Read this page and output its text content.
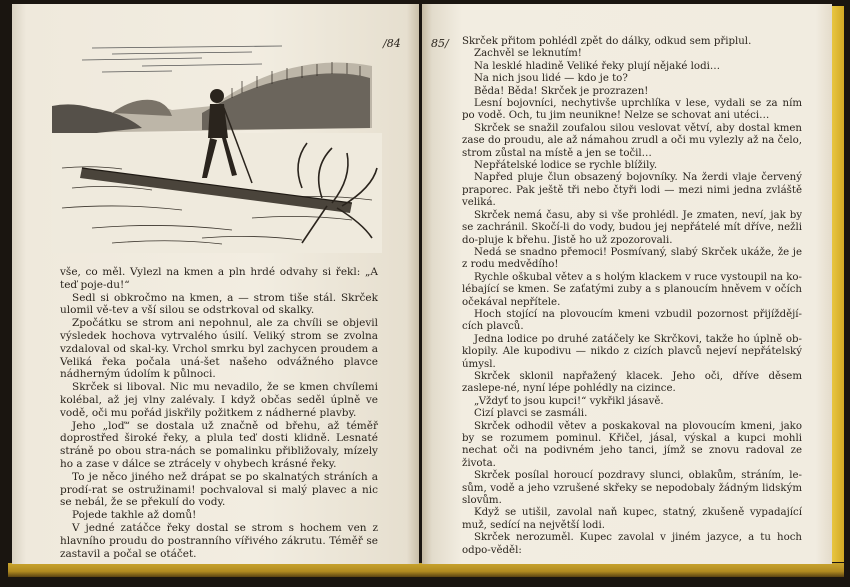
/84

vše, co měl. Vylezl na kmen a pln hrdé odvahy si řekl: „A teď poje-du!“

Sedl si obkročmo na kmen, a — strom tiše stál. Skrček ulomil vě-tev a vší silou se odstrkoval od skalky.

Zpočátku se strom ani nepohnul, ale za chvíli se objevil výsledek hochova vytrvalého úsilí. Veliký strom se zvolna vzdaloval od skal-ky. Vrchol smrku byl zachycen proudem a Veliká řeka počala uná-šet našeho odvážného plavce nádherným údolím k půlnoci.

Skrček si liboval. Nic mu nevadilo, že se kmen chvílemi kolébal, až jej vlny zalévaly. I když občas seděl úplně ve vodě, oči mu pořád jiskřily požitkem z nádherné plavby.

Jeho „loď“ se dostala už značně od břehu, až téměř doprostřed široké řeky, a plula teď dosti klidně. Lesnaté stráně po obou stra-nách se pomalinku přibližovaly, mízely ho a zase v dálce se ztrácely v ohybech krásné řeky.

To je něco jiného než drápat se po skalnatých stráních a prodí-rat se ostružinami! pochvaloval si malý plavec a nic se nebál, že se překulí do vody.

Pojede takhle až domů!

V jedné zatáčce řeky dostal se strom s hochem ven z hlavního proudu do postranního vířivého zákrutu. Téměř se zastavil a počal se otáčet.

85/ Skrček přitom pohlédl zpět do dálky, odkud sem připlul.

Zachvěl se leknutím!

Na lesklé hladině Veliké řeky plují nějaké lodi…

Na nich jsou lidé — kdo je to?

Běda! Běda! Skrček je prozrazen!

Lesní bojovníci, nechytivše uprchlíka v lese, vydali se za ním po vodě. Och, tu jim neunikne! Nelze se schovat ani utéci…

Skrček se snažil zoufalou silou veslovat větví, aby dostal kmen zase do proudu, ale až námahou zrudl a oči mu vylezly až na čelo, strom zůstal na místě a jen se točil…

Nepřátelské lodice se rychle blížily.

Napřed pluje člun obsazený bojovníky. Na žerdi vlaje červený praporec. Pak ještě tři nebo čtyři lodi — mezi nimi jedna zvláště veliká.

Skrček nemá času, aby si vše prohlédl. Je zmaten, neví, jak by se zachránil. Skočí-li do vody, budou jej nepřátelé mít dříve, nežli do-pluje k břehu. Jistě ho už zpozorovali.

Nedá se snadno přemoci! Posmívaný, slabý Skrček ukáže, že je z rodu medvědího!

Rychle oškubal větev a s holým klackem v ruce vystoupil na ko-lébající se kmen. Se zaťatými zuby a s planoucím hněvem v očích očekával nepřítele.

Hoch stojící na plovoucím kmeni vzbudil pozornost přijíždějí-cích plavců.

Jedna lodice po druhé zatáčely ke Skrčkovi, takže ho úplně ob-klopily. Ale kupodivu — nikdo z cizích plavců nejeví nepřátelský úmysl.

Skrček sklonil napřažený klacek. Jeho oči, dříve děsem zaslepe-né, nyní lépe pohlédly na cizince.

„Vždyť to jsou kupci!“ vykřikl jásavě.

Cizí plavci se zasmáli.

Skrček odhodil větev a poskakoval na plovoucím kmeni, jako by se rozumem pominul. Křičel, jásal, výskal a kupci mohli nechat oči na podivném jeho tanci, jímž se znovu radoval ze života.

Skrček posílal horoucí pozdravy slunci, oblakům, stráním, le-sům, vodě a jeho vzrušené skřeky se nepodobaly žádným lidským slovům.

Když se utišil, zavolal naň kupec, statný, zkušeně vypadající muž, sedící na největší lodi.

Skrček nerozuměl. Kupec zavolal v jiném jazyce, a tu hoch odpo-věděl:
